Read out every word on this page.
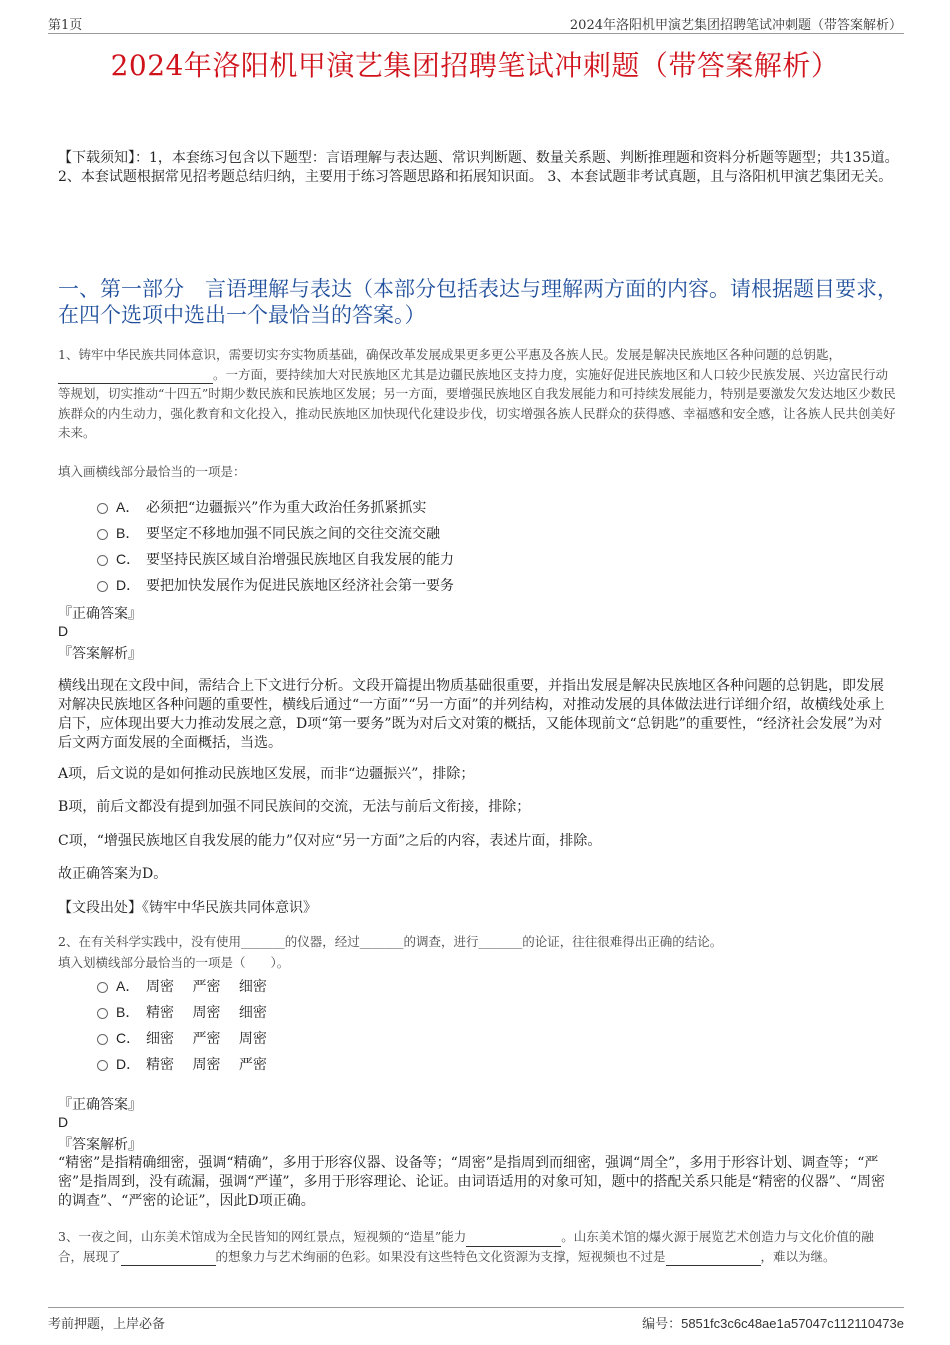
第1页	2024年洛阳机甲演艺集团招聘笔试冲刺题（带答案解析）
2024年洛阳机甲演艺集团招聘笔试冲刺题（带答案解析）
【下载须知】：1，本套练习包含以下题型：言语理解与表达题、常识判断题、数量关系题、判断推理题和资料分析题等题型；共135道。 2、本套试题根据常见招考题总结归纳，主要用于练习答题思路和拓展知识面。 3、本套试题非考试真题，且与洛阳机甲演艺集团无关。
一、第一部分　言语理解与表达（本部分包括表达与理解两方面的内容。请根据题目要求，在四个选项中选出一个最恰当的答案。）
1、铸牢中华民族共同体意识，需要切实夯实物质基础，确保改革发展成果更多更公平惠及各族人民。发展是解决民族地区各种问题的总钥匙，。一方面，要持续加大对民族地区尤其是边疆民族地区支持力度，实施好促进民族地区和人口较少民族发展、兴边富民行动等规划，切实推动“十四五”时期少数民族和民族地区发展；另一方面，要增强民族地区自我发展能力和可持续发展能力，特别是要激发欠发达地区少数民族群众的内生动力，强化教育和文化投入，推动民族地区加快现代化建设步伐，切实增强各族人民群众的获得感、幸福感和安全感，让各族人民共创美好未来。
填入画横线部分最恰当的一项是：
A． 必须把“边疆振兴”作为重大政治任务抓紧抓实
B． 要坚定不移地加强不同民族之间的交往交流交融
C． 要坚持民族区域自治增强民族地区自我发展的能力
D． 要把加快发展作为促进民族地区经济社会第一要务
『正确答案』
D
『答案解析』
横线出现在文段中间，需结合上下文进行分析。文段开篇提出物质基础很重要，并指出发展是解决民族地区各种问题的总钥匙，即发展对解决民族地区各种问题的重要性，横线后通过“一方面”“另一方面”的并列结构，对推动发展的具体做法进行详细介绍，故横线处承上启下，应体现出要大力推动发展之意，D项“第一要务”既为对后文对策的概括，又能体现前文“总钥匙”的重要性，“经济社会发展”为对后文两方面发展的全面概括，当选。
A项，后文说的是如何推动民族地区发展，而非“边疆振兴”，排除；
B项，前后文都没有提到加强不同民族间的交流，无法与前后文衔接，排除；
C项，“增强民族地区自我发展的能力”仅对应“另一方面”之后的内容，表述片面，排除。
故正确答案为D。
【文段出处】《铸牢中华民族共同体意识》
2、在有关科学实践中，没有使用_______的仪器，经过_______的调查，进行_______的论证，往往很难得出正确的结论。
填入划横线部分最恰当的一项是（　　）。
A． 周密　 严密　 细密
B． 精密　 周密　 细密
C． 细密　 严密　 周密
D． 精密　 周密　 严密
『正确答案』
D
『答案解析』
“精密”是指精确细密，强调“精确”，多用于形容仪器、设备等；“周密”是指周到而细密，强调“周全”，多用于形容计划、调查等；“严密”是指周到，没有疏漏，强调“严谨”，多用于形容理论、论证。由词语适用的对象可知，题中的搭配关系只能是“精密的仪器”、“周密的调查”、“严密的论证”，因此D项正确。
3、一夜之间，山东美术馆成为全民皆知的网红景点，短视频的“造星”能力	。山东美术馆的爆火源于展览艺术创造力与文化价值的融合，展现了	的想象力与艺术绚丽的色彩。如果没有这些特色文化资源为支撑，短视频也不过是	，难以为继。
考前押题，上岸必备	编号：5851fc3c6c48ae1a57047c112110473e
